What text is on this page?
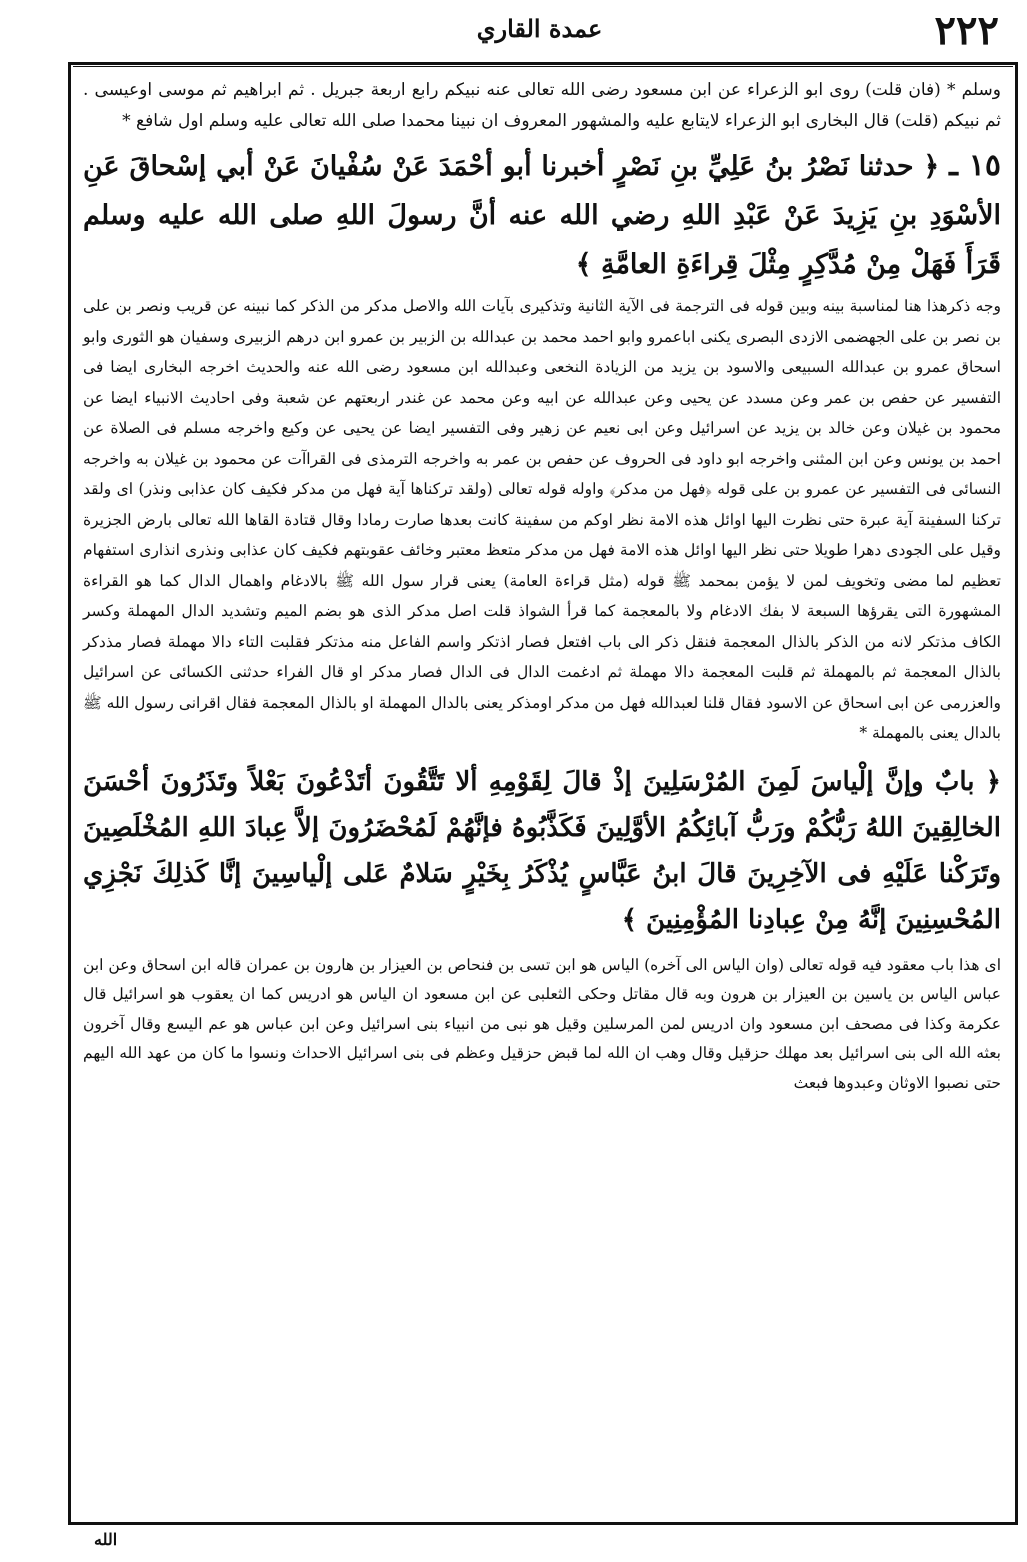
عمدة القاري	٢٢٢

وسلم * (فان قلت) روى ابو الزعراء عن ابن مسعود رضى الله تعالى عنه نبيكم رابع اربعة جبريل . ثم ابراهيم ثم موسى اوعيسى . ثم نبيكم (قلت) قال البخارى ابو الزعراء لايتابع عليه والمشهور المعروف ان نبينا محمدا صلى الله تعالى عليه وسلم اول شافع *

١٥ ـ ﴿ حدثنا نَصْرُ بنُ عَلِيِّ بنِ نَصْرٍ أخبرنا أبو أحْمَدَ عَنْ سُفْيانَ عَنْ أبي إسْحاقَ عَنِ الأسْوَدِ بنِ يَزِيدَ عَنْ عَبْدِ اللهِ رضي الله عنه أنَّ رسولَ اللهِ صلى الله عليه وسلم قَرَأَ فَهَلْ مِنْ مُدَّكِرٍ مِثْلَ قِراءَةِ العامَّةِ ﴾

وجه ذكرهذا هنا لمناسبة بينه وبين قوله فى الترجمة فى الآية الثانية وتذكيرى بآيات الله والاصل مدكر من الذكر كما نبينه عن قريب ونصر بن على بن نصر بن على الجهضمى الازدى البصرى يكنى اباعمرو وابو احمد محمد بن عبدالله بن الزبير بن عمرو ابن درهم الزبيرى وسفيان هو الثورى وابو اسحاق عمرو بن عبدالله السبيعى والاسود بن يزيد من الزيادة النخعى وعبدالله ابن مسعود رضى الله عنه والحديث اخرجه البخارى ايضا فى التفسير عن حفص بن عمر وعن مسدد عن يحيى وعن عبدالله عن ابيه وعن محمد عن غندر اربعتهم عن شعبة وفى احاديث الانبياء ايضا عن محمود بن غيلان وعن خالد بن يزيد عن اسرائيل وعن ابى نعيم عن زهير وفى التفسير ايضا عن يحيى عن وكيع واخرجه مسلم فى الصلاة عن احمد بن يونس وعن ابن المثنى واخرجه ابو داود فى الحروف عن حفص بن عمر به واخرجه الترمذى فى القراآت عن محمود بن غيلان به واخرجه النسائى فى التفسير عن عمرو بن على قوله ﴿فهل من مدكر﴾ واوله قوله تعالى (ولقد تركناها آية فهل من مدكر فكيف كان عذابى ونذر) اى ولقد تركنا السفينة آية عبرة حتى نظرت اليها اوائل هذه الامة نظر اوكم من سفينة كانت بعدها صارت رمادا وقال قتادة القاها الله تعالى بارض الجزيرة وقيل على الجودى دهرا طويلا حتى نظر اليها اوائل هذه الامة فهل من مدكر متعظ معتبر وخائف عقوبتهم فكيف كان عذابى ونذرى انذارى استفهام تعظيم لما مضى وتخويف لمن لا يؤمن بمحمد ﷺ قوله (مثل قراءة العامة) يعنى قرار سول الله ﷺ بالادغام واهمال الدال كما هو القراءة المشهورة التى يقرؤها السبعة لا بفك الادغام ولا بالمعجمة كما قرأ الشواذ قلت اصل مدكر الذى هو بضم الميم وتشديد الدال المهملة وكسر الكاف مذتكر لانه من الذكر بالذال المعجمة فنقل ذكر الى باب افتعل فصار اذتكر واسم الفاعل منه مذتكر فقلبت التاء دالا مهملة فصار مذدكر بالذال المعجمة ثم بالمهملة ثم قلبت المعجمة دالا مهملة ثم ادغمت الدال فى الدال فصار مدكر او قال الفراء حدثنى الكسائى عن اسرائيل والعزرمى عن ابى اسحاق عن الاسود فقال قلنا لعبدالله فهل من مدكر اومذكر يعنى بالدال المهملة او بالذال المعجمة فقال اقرانى رسول الله ﷺ بالدال يعنى بالمهملة *

﴿ بابٌ وإنَّ إلْياسَ لَمِنَ المُرْسَلِينَ إذْ قالَ لِقَوْمِهِ ألا تَتَّقُونَ أتَدْعُونَ بَعْلاً وتَذَرُونَ أحْسَنَ الخالِقِينَ اللهُ رَبُّكُمْ ورَبُّ آبائِكُمُ الأوَّلِينَ فَكَذَّبُوهُ فإنَّهُمْ لَمُحْضَرُونَ إلاَّ عِبادَ اللهِ المُخْلَصِينَ وتَرَكْنا عَلَيْهِ فى الآخِرِينَ قالَ ابنُ عَبَّاسٍ يُذْكَرُ بِخَيْرٍ سَلامٌ عَلى إلْياسِينَ إنَّا كَذلِكَ نَجْزِي المُحْسِنِينَ إنَّهُ مِنْ عِبادِنا المُؤْمِنِينَ ﴾

اى هذا باب معقود فيه قوله تعالى (وان الياس الى آخره) الياس هو ابن تسى بن فنحاص بن العيزار بن هارون بن عمران قاله ابن اسحاق وعن ابن عباس الياس بن ياسين بن العيزار بن هرون وبه قال مقاتل وحكى الثعلبى عن ابن مسعود ان الياس هو ادريس كما ان يعقوب هو اسرائيل قال عكرمة وكذا فى مصحف ابن مسعود وان ادريس لمن المرسلين وقيل هو نبى من انبياء بنى اسرائيل وعن ابن عباس هو عم اليسع وقال آخرون بعثه الله الى بنى اسرائيل بعد مهلك حزقيل وقال وهب ان الله لما قبض حزقيل وعظم فى بنى اسرائيل الاحداث ونسوا ما كان من عهد الله اليهم حتى نصبوا الاوثان وعبدوها فبعث

الله
